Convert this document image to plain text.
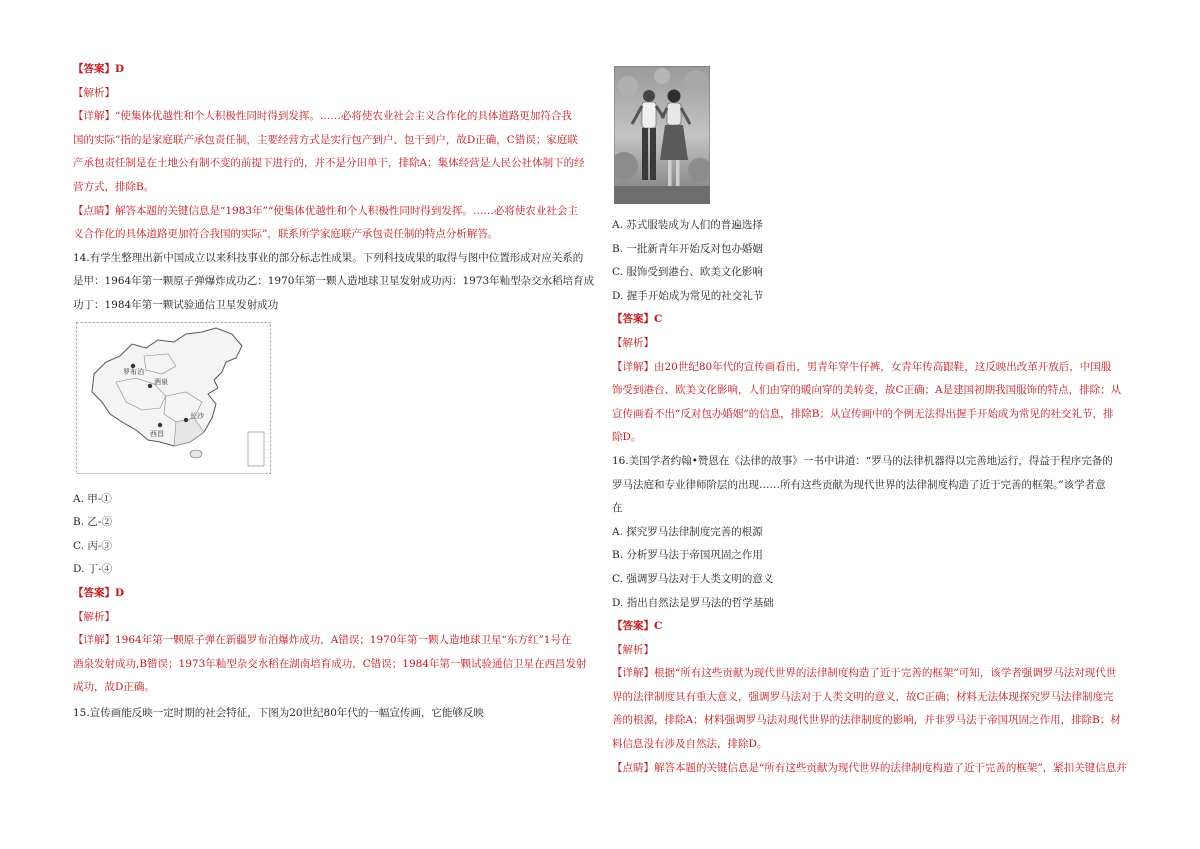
【答案】D
【解析】
【详解】“使集体优越性和个人积极性同时得到发挥。……必将使农业社会主义合作化的具体道路更加符合我
国的实际”指的是家庭联产承包责任制，主要经营方式是实行包产到户、包干到户，故D正确，C错误；家庭联
产承包责任制是在土地公有制不变的前提下进行的，并不是分田单干，排除A；集体经营是人民公社体制下的经
营方式，排除B。
【点睛】解答本题的关键信息是“1983年”“使集体优越性和个人积极性同时得到发挥。……必将使农业社会主
义合作化的具体道路更加符合我国的实际”，联系所学家庭联产承包责任制的特点分析解答。
14.有学生整理出新中国成立以来科技事业的部分标志性成果。下列科技成果的取得与图中位置形成对应关系的
是甲：1964年第一颗原子弹爆炸成功乙：1970年第一颗人造地球卫星发射成功丙：1973年籼型杂交水稻培育成
功丁：1984年第一颗试验通信卫星发射成功
罗布泊
酒泉
西昌
长沙
A. 甲-①
B. 乙-②
C. 丙-③
D. 丁-④
【答案】D
【解析】
【详解】1964年第一颗原子弹在新疆罗布泊爆炸成功，A错误；1970年第一颗人造地球卫星“东方红”1号在
酒泉发射成功,B错误；1973年籼型杂交水稻在湖南培育成功，C错误；1984年第一颗试验通信卫星在西昌发射
成功，故D正确。
15.宣传画能反映一定时期的社会特征，下图为20世纪80年代的一幅宣传画，它能够反映
A. 苏式服装成为人们的普遍选择
B. 一批新青年开始反对包办婚姻
C. 服饰受到港台、欧美文化影响
D. 握手开始成为常见的社交礼节
【答案】C
【解析】
【详解】由20世纪80年代的宣传画看出，男青年穿牛仔裤，女青年传高跟鞋，这反映出改革开放后，中国服
饰受到港台、欧美文化影响，人们由穿的暖向穿的美转变，故C正确；A是建国初期我国服饰的特点，排除；从
宣传画看不出“反对包办婚姻”的信息，排除B；从宣传画中的个例无法得出握手开始成为常见的社交礼节，排
除D。
16.美国学者约翰•赞恩在《法律的故事》一书中讲道：“罗马的法律机器得以完善地运行，得益于程序完备的
罗马法庭和专业律师阶层的出现……所有这些贡献为现代世界的法律制度构造了近于完善的框架。”该学者意
在
A. 探究罗马法律制度完善的根源
B. 分析罗马法于帝国巩固之作用
C. 强调罗马法对于人类文明的意义
D. 指出自然法是罗马法的哲学基础
【答案】C
【解析】
【详解】根据“所有这些贡献为现代世界的法律制度构造了近于完善的框架”可知，该学者强调罗马法对现代世
界的法律制度具有重大意义，强调罗马法对于人类文明的意义，故C正确；材料无法体现探究罗马法律制度完
善的根源，排除A；材料强调罗马法对现代世界的法律制度的影响，并非罗马法于帝国巩固之作用，排除B；材
料信息没有涉及自然法，排除D。
【点睛】解答本题的关键信息是“所有这些贡献为现代世界的法律制度构造了近于完善的框架”，紧扣关键信息并
